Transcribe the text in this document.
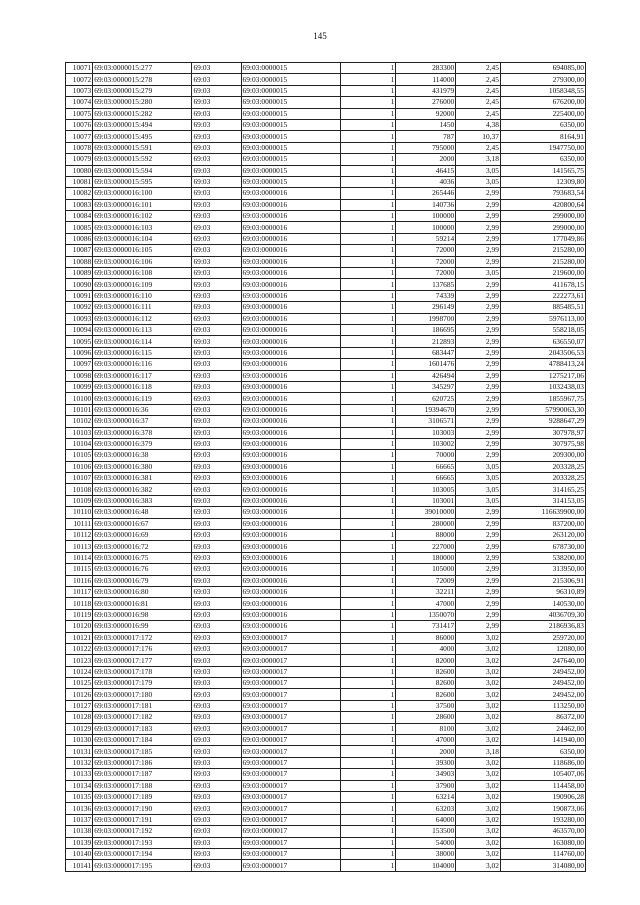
145
10071	69:03:0000015:277	69:03	69:03:0000015	1	283300	2,45	694085,00
10072	69:03:0000015:278	69:03	69:03:0000015	1	114000	2,45	279300,00
10073	69:03:0000015:279	69:03	69:03:0000015	1	431979	2,45	1058348,55
10074	69:03:0000015:280	69:03	69:03:0000015	1	276000	2,45	676200,00
10075	69:03:0000015:282	69:03	69:03:0000015	1	92000	2,45	225400,00
10076	69:03:0000015:494	69:03	69:03:0000015	1	1450	4,38	6350,00
10077	69:03:0000015:495	69:03	69:03:0000015	1	787	10,37	8164,91
10078	69:03:0000015:591	69:03	69:03:0000015	1	795000	2,45	1947750,00
10079	69:03:0000015:592	69:03	69:03:0000015	1	2000	3,18	6350,00
10080	69:03:0000015:594	69:03	69:03:0000015	1	46415	3,05	141565,75
10081	69:03:0000015:595	69:03	69:03:0000015	1	4036	3,05	12309,80
10082	69:03:0000016:100	69:03	69:03:0000016	1	265446	2,99	793683,54
10083	69:03:0000016:101	69:03	69:03:0000016	1	140736	2,99	420800,64
10084	69:03:0000016:102	69:03	69:03:0000016	1	100000	2,99	299000,00
10085	69:03:0000016:103	69:03	69:03:0000016	1	100000	2,99	299000,00
10086	69:03:0000016:104	69:03	69:03:0000016	1	59214	2,99	177049,86
10087	69:03:0000016:105	69:03	69:03:0000016	1	72000	2,99	215280,00
10088	69:03:0000016:106	69:03	69:03:0000016	1	72000	2,99	215280,00
10089	69:03:0000016:108	69:03	69:03:0000016	1	72000	3,05	219600,00
10090	69:03:0000016:109	69:03	69:03:0000016	1	137685	2,99	411678,15
10091	69:03:0000016:110	69:03	69:03:0000016	1	74339	2,99	222273,61
10092	69:03:0000016:111	69:03	69:03:0000016	1	296149	2,99	885485,51
10093	69:03:0000016:112	69:03	69:03:0000016	1	1998700	2,99	5976113,00
10094	69:03:0000016:113	69:03	69:03:0000016	1	186695	2,99	558218,05
10095	69:03:0000016:114	69:03	69:03:0000016	1	212893	2,99	636550,07
10096	69:03:0000016:115	69:03	69:03:0000016	1	683447	2,99	2043506,53
10097	69:03:0000016:116	69:03	69:03:0000016	1	1601476	2,99	4788413,24
10098	69:03:0000016:117	69:03	69:03:0000016	1	426494	2,99	1275217,06
10099	69:03:0000016:118	69:03	69:03:0000016	1	345297	2,99	1032438,03
10100	69:03:0000016:119	69:03	69:03:0000016	1	620725	2,99	1855967,75
10101	69:03:0000016:36	69:03	69:03:0000016	1	19394670	2,99	57990063,30
10102	69:03:0000016:37	69:03	69:03:0000016	1	3106571	2,99	9288647,29
10103	69:03:0000016:378	69:03	69:03:0000016	1	103003	2,99	307978,97
10104	69:03:0000016:379	69:03	69:03:0000016	1	103002	2,99	307975,98
10105	69:03:0000016:38	69:03	69:03:0000016	1	70000	2,99	209300,00
10106	69:03:0000016:380	69:03	69:03:0000016	1	66665	3,05	203328,25
10107	69:03:0000016:381	69:03	69:03:0000016	1	66665	3,05	203328,25
10108	69:03:0000016:382	69:03	69:03:0000016	1	103005	3,05	314165,25
10109	69:03:0000016:383	69:03	69:03:0000016	1	103001	3,05	314153,05
10110	69:03:0000016:48	69:03	69:03:0000016	1	39010000	2,99	116639900,00
10111	69:03:0000016:67	69:03	69:03:0000016	1	280000	2,99	837200,00
10112	69:03:0000016:69	69:03	69:03:0000016	1	88000	2,99	263120,00
10113	69:03:0000016:72	69:03	69:03:0000016	1	227000	2,99	678730,00
10114	69:03:0000016:75	69:03	69:03:0000016	1	180000	2,99	538200,00
10115	69:03:0000016:76	69:03	69:03:0000016	1	105000	2,99	313950,00
10116	69:03:0000016:79	69:03	69:03:0000016	1	72009	2,99	215306,91
10117	69:03:0000016:80	69:03	69:03:0000016	1	32211	2,99	96310,89
10118	69:03:0000016:81	69:03	69:03:0000016	1	47000	2,99	140530,00
10119	69:03:0000016:98	69:03	69:03:0000016	1	1350070	2,99	4036709,30
10120	69:03:0000016:99	69:03	69:03:0000016	1	731417	2,99	2186936,83
10121	69:03:0000017:172	69:03	69:03:0000017	1	86000	3,02	259720,00
10122	69:03:0000017:176	69:03	69:03:0000017	1	4000	3,02	12080,00
10123	69:03:0000017:177	69:03	69:03:0000017	1	82000	3,02	247640,00
10124	69:03:0000017:178	69:03	69:03:0000017	1	82600	3,02	249452,00
10125	69:03:0000017:179	69:03	69:03:0000017	1	82600	3,02	249452,00
10126	69:03:0000017:180	69:03	69:03:0000017	1	82600	3,02	249452,00
10127	69:03:0000017:181	69:03	69:03:0000017	1	37500	3,02	113250,00
10128	69:03:0000017:182	69:03	69:03:0000017	1	28600	3,02	86372,00
10129	69:03:0000017:183	69:03	69:03:0000017	1	8100	3,02	24462,00
10130	69:03:0000017:184	69:03	69:03:0000017	1	47000	3,02	141940,00
10131	69:03:0000017:185	69:03	69:03:0000017	1	2000	3,18	6350,00
10132	69:03:0000017:186	69:03	69:03:0000017	1	39300	3,02	118686,00
10133	69:03:0000017:187	69:03	69:03:0000017	1	34903	3,02	105407,06
10134	69:03:0000017:188	69:03	69:03:0000017	1	37900	3,02	114458,00
10135	69:03:0000017:189	69:03	69:03:0000017	1	63214	3,02	190906,28
10136	69:03:0000017:190	69:03	69:03:0000017	1	63203	3,02	190873,06
10137	69:03:0000017:191	69:03	69:03:0000017	1	64000	3,02	193280,00
10138	69:03:0000017:192	69:03	69:03:0000017	1	153500	3,02	463570,00
10139	69:03:0000017:193	69:03	69:03:0000017	1	54000	3,02	163080,00
10140	69:03:0000017:194	69:03	69:03:0000017	1	38000	3,02	114760,00
10141	69:03:0000017:195	69:03	69:03:0000017	1	104000	3,02	314080,00
